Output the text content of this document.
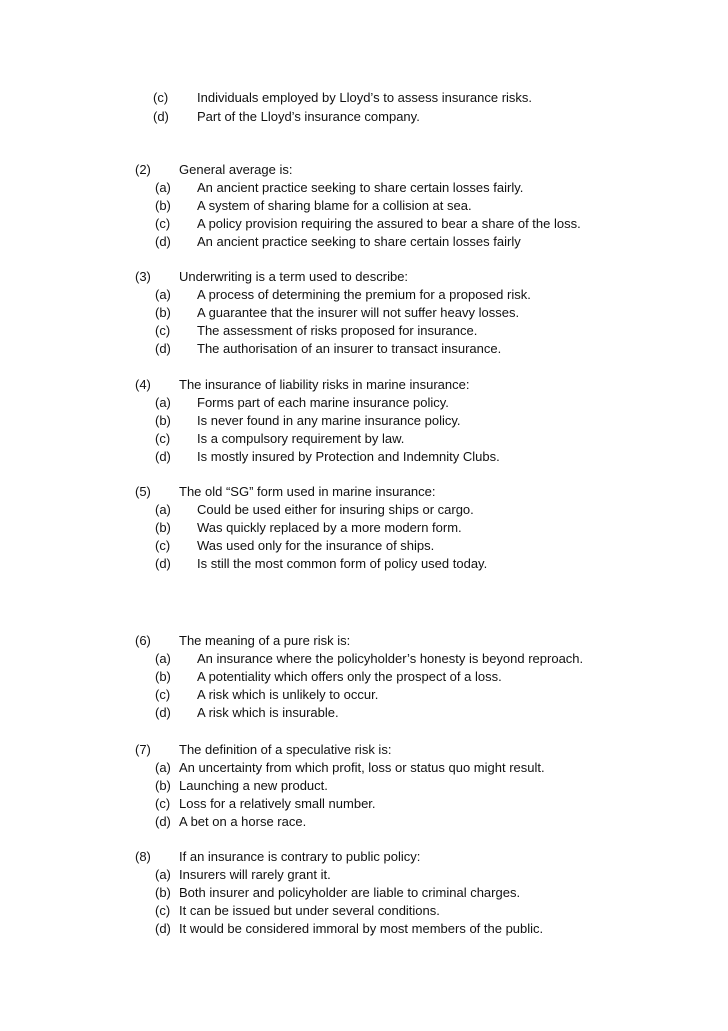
(c) Individuals employed by Lloyd’s to assess insurance risks.
(d) Part of the Lloyd’s insurance company.
(2) General average is:
(a) An ancient practice seeking to share certain losses fairly.
(b) A system of sharing blame for a collision at sea.
(c) A policy provision requiring the assured to bear a share of the loss.
(d) An ancient practice seeking to share certain losses fairly
(3) Underwriting is a term used to describe:
(a) A process of determining the premium for a proposed risk.
(b) A guarantee that the insurer will not suffer heavy losses.
(c) The assessment of risks proposed for insurance.
(d) The authorisation of an insurer to transact insurance.
(4) The insurance of liability risks in marine insurance:
(a) Forms part of each marine insurance policy.
(b) Is never found in any marine insurance policy.
(c) Is a compulsory requirement by law.
(d) Is mostly insured by Protection and Indemnity Clubs.
(5) The old “SG” form used in marine insurance:
(a) Could be used either for insuring ships or cargo.
(b) Was quickly replaced by a more modern form.
(c) Was used only for the insurance of ships.
(d) Is still the most common form of policy used today.
(6) The meaning of a pure risk is:
(a) An insurance where the policyholder’s honesty is beyond reproach.
(b) A potentiality which offers only the prospect of a loss.
(c) A risk which is unlikely to occur.
(d) A risk which is insurable.
(7) The definition of a speculative risk is:
(a) An uncertainty from which profit, loss or status quo might result.
(b) Launching a new product.
(c) Loss for a relatively small number.
(d) A bet on a horse race.
(8) If an insurance is contrary to public policy:
(a) Insurers will rarely grant it.
(b) Both insurer and policyholder are liable to criminal charges.
(c) It can be issued but under several conditions.
(d) It would be considered immoral by most members of the public.
